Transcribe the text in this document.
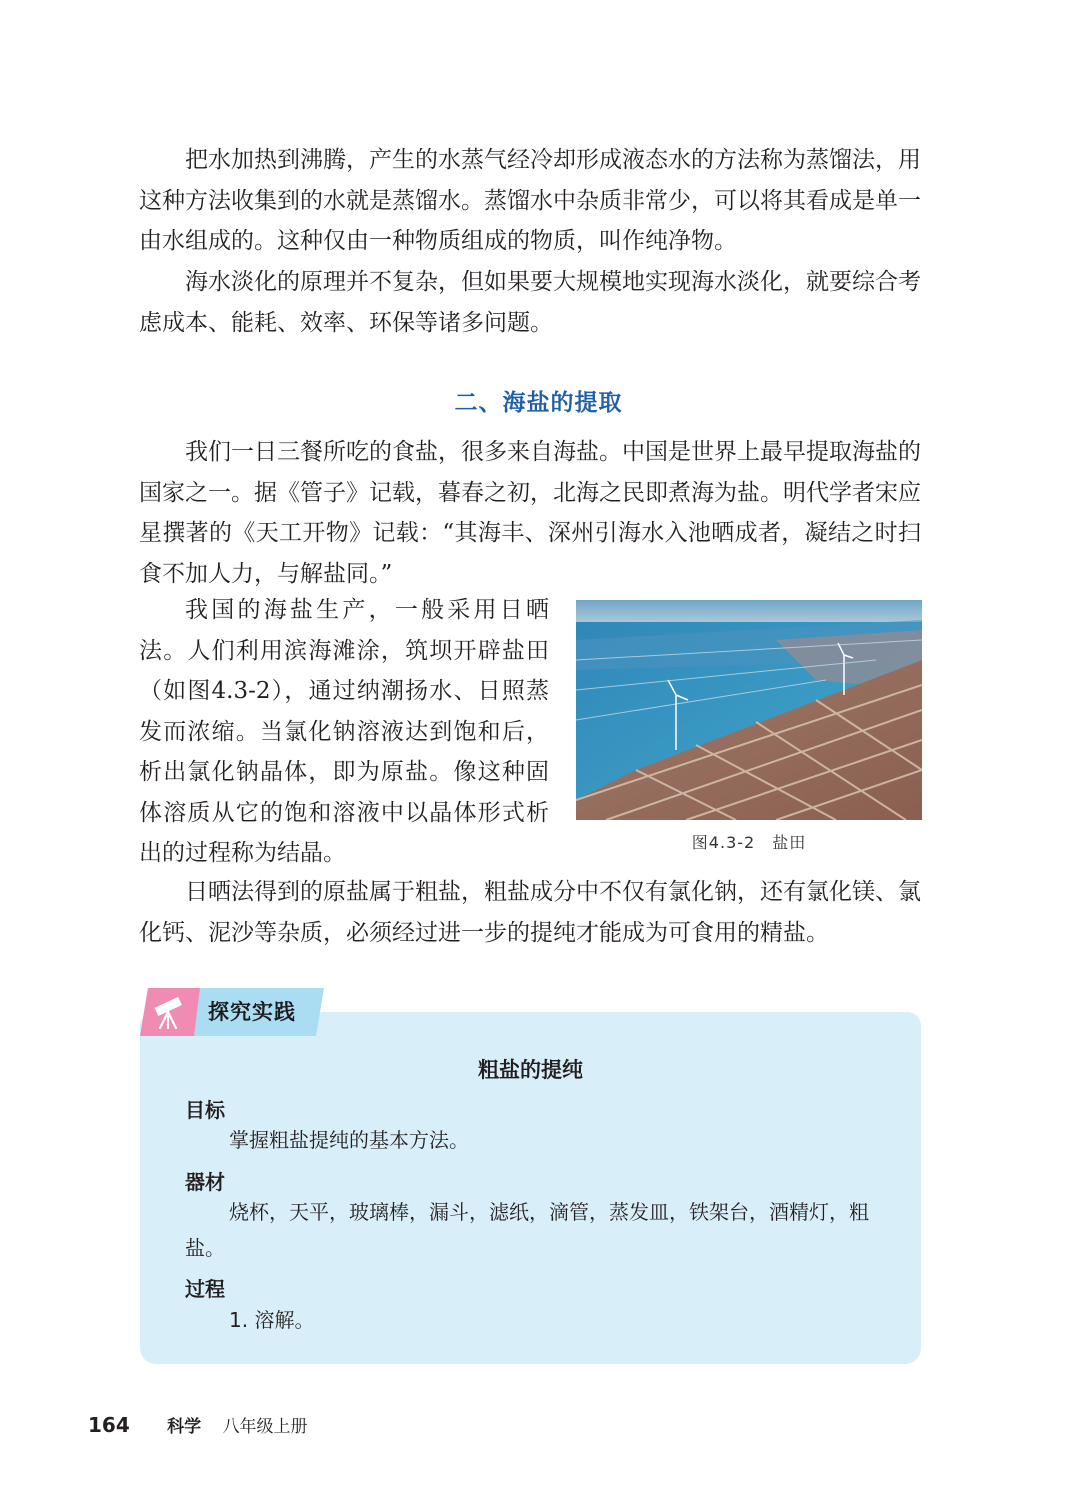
把水加热到沸腾，产生的水蒸气经冷却形成液态水的方法称为蒸馏法，用这种方法收集到的水就是蒸馏水。蒸馏水中杂质非常少，可以将其看成是单一由水组成的。这种仅由一种物质组成的物质，叫作纯净物。

海水淡化的原理并不复杂，但如果要大规模地实现海水淡化，就要综合考虑成本、能耗、效率、环保等诸多问题。

二、海盐的提取

我们一日三餐所吃的食盐，很多来自海盐。中国是世界上最早提取海盐的国家之一。据《管子》记载，暮春之初，北海之民即煮海为盐。明代学者宋应星撰著的《天工开物》记载：“其海丰、深州引海水入池晒成者，凝结之时扫食不加人力，与解盐同。”

我国的海盐生产，一般采用日晒法。人们利用滨海滩涂，筑坝开辟盐田（如图4.3-2），通过纳潮扬水、日照蒸发而浓缩。当氯化钠溶液达到饱和后，析出氯化钠晶体，即为原盐。像这种固体溶质从它的饱和溶液中以晶体形式析出的过程称为结晶。	图4.3-2　盐田

日晒法得到的原盐属于粗盐，粗盐成分中不仅有氯化钠，还有氯化镁、氯化钙、泥沙等杂质，必须经过进一步的提纯才能成为可食用的精盐。

探究实践
粗盐的提纯
目标

掌握粗盐提纯的基本方法。

器材

烧杯，天平，玻璃棒，漏斗，滤纸，滴管，蒸发皿，铁架台，酒精灯，粗盐。

过程

1. 溶解。

164 科学 八年级上册
